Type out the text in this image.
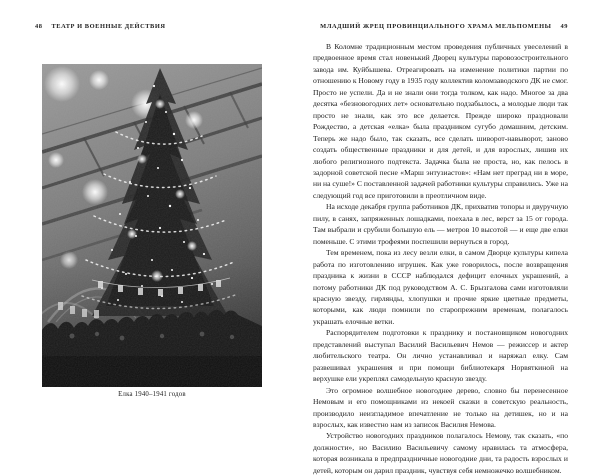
48 ТЕАТР И ВОЕННЫЕ ДЕЙСТВИЯ
Елка 1940–1941 годов
МЛАДШИЙ ЖРЕЦ ПРОВИНЦИАЛЬНОГО ХРАМА МЕЛЬПОМЕНЫ 49

В Коломне традиционным местом проведения публичных увеселений в предвоенное время стал новенький Дворец культуры паровозостроительного завода им. Куйбышева. Отреагировать на изменение политики партии по отношению к Новому году в 1935 году коллектив коломзаводского ДК не смог. Просто не успели. Да и не знали они тогда толком, как надо. Многое за два десятка «безновогодних лет» основательно подзабылось, а молодые люди так просто не знали, как это все делается. Прежде широко праздновали Рождество, а детская «елка» была праздником сугубо домашним, детским. Теперь же надо было, так сказать, все сделать шиворот-навыворот, заново создать общественные праздники и для детей, и для взрослых, лишив их любого религиозного подтекста. Задачка была не проста, но, как пелось в задорной советской песне «Марш энтузиастов»: «Нам нет преград ни в море, ни на суше!» С поставленной задачей работники культуры справились. Уже на следующий год все приготовили в преотличном виде.

На исходе декабря группа работников ДК, прихватив топоры и двуручную пилу, в санях, запряженных лошадками, поехала в лес, верст за 15 от города. Там выбрали и срубили большую ель — метров 10 высотой — и еще две елки поменьше. С этими трофеями поспешили вернуться в город.

Тем временем, пока из лесу везли елки, в самом Дворце культуры кипела работа по изготовлению игрушек. Как уже говорилось, после возвращения праздника к жизни в СССР наблюдался дефицит елочных украшений, а потому работники ДК под руководством А. С. Брызгалова сами изготовляли красную звезду, гирлянды, хлопушки и прочие яркие цветные предметы, которыми, как люди помнили по старопрежним временам, полагалось украшать елочные ветки.

Распорядителем подготовки к празднику и постановщиком новогодних представлений выступал Василий Васильевич Немов — режиссер и актер любительского театра. Он лично устанавливал и наряжал елку. Сам развешивал украшения и при помощи библиотекаря Норвяткиной на верхушке ели укреплял самодельную красную звезду.

Это огромное волшебное новогоднее дерево, словно бы перенесенное Немовым и его помощниками из некоей сказки в советскую реальность, производило неизгладимое впечатление не только на детишек, но и на взрослых, как известно нам из записок Василия Немова.

Устройство новогодних праздников полагалось Немову, так сказать, «по должности», но Василию Васильевичу самому нравилась та атмосфера, которая возникала в предпраздничные новогодние дни, та радость взрослых и детей, которым он дарил праздник, чувствуя себя немножечко волшебником.
